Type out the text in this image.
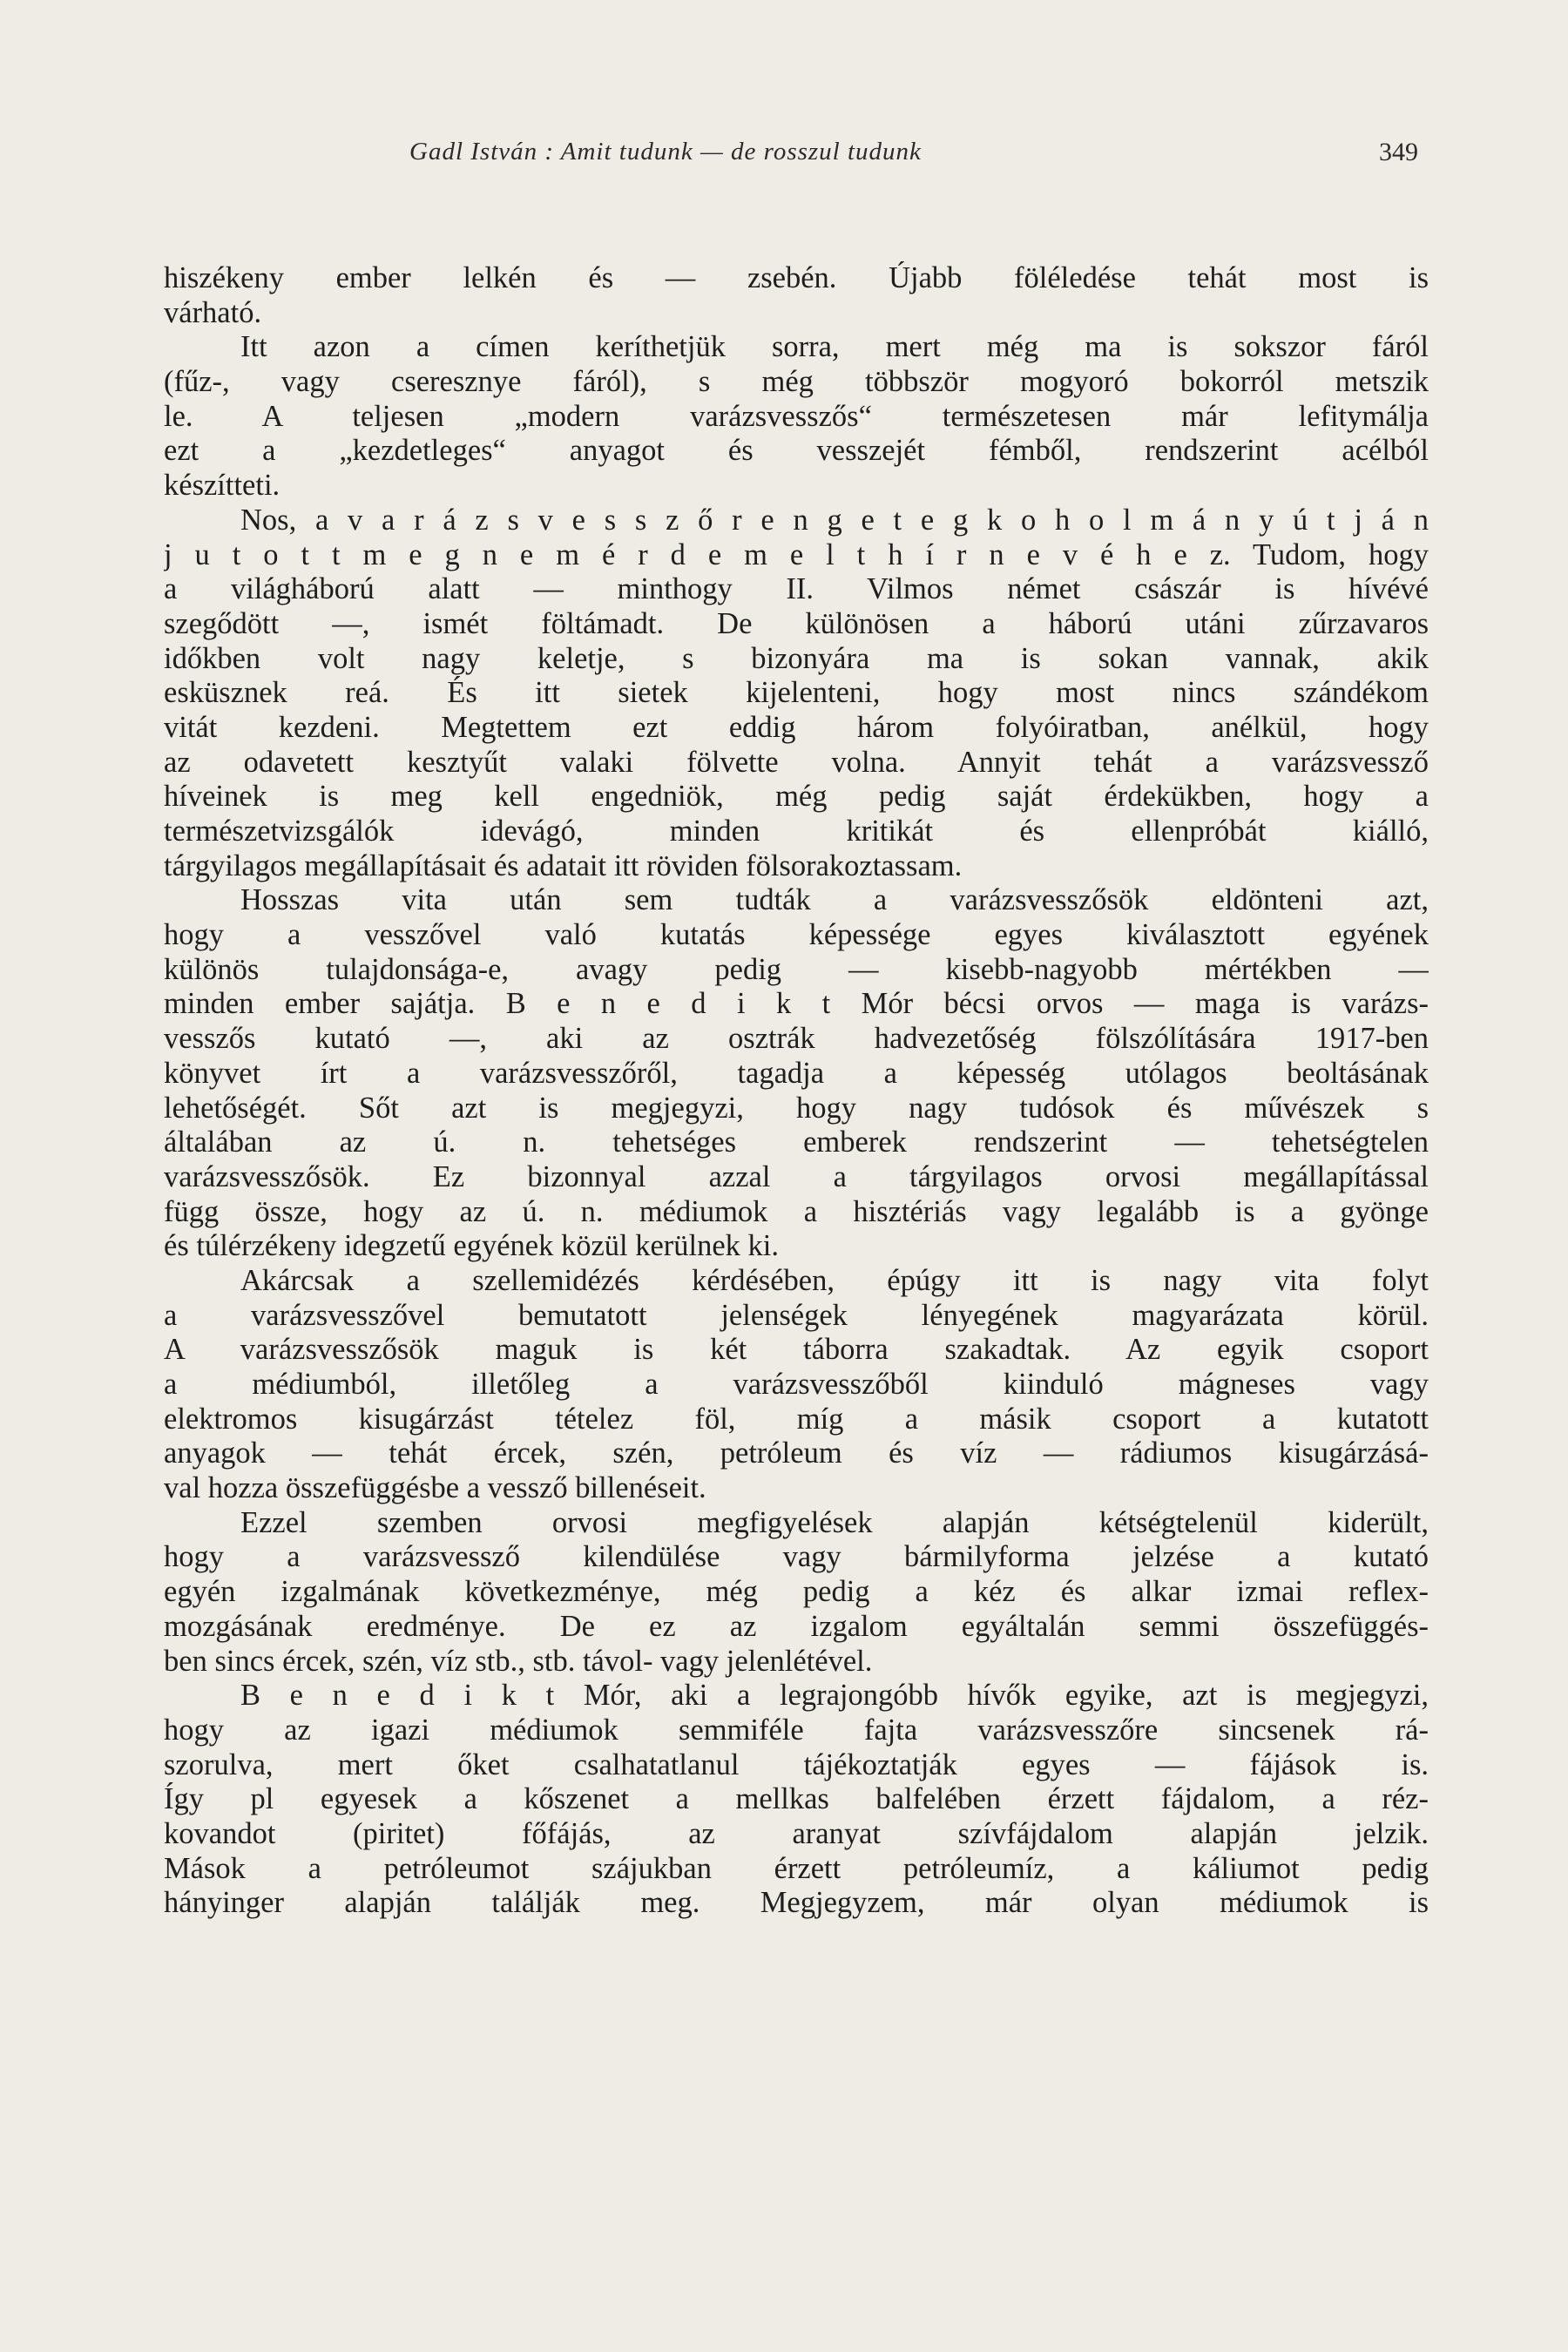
Gadl István : Amit tudunk — de rosszul tudunk	349
hiszékeny ember lelkén és — zsebén. Újabb föléledése tehát most is
várható.
Itt azon a címen keríthetjük sorra, mert még ma is sokszor fáról
(fűz-, vagy cseresznye fáról), s még többször mogyoró bokorról metszik
le. A teljesen „modern varázsvesszős“ természetesen már lefitymálja
ezt a „kezdetleges“ anyagot és vesszejét fémből, rendszerint acélból
készítteti.
Nos, a v a r á z s v e s s z ő r e n g e t e g k o h o l m á n y ú t j á n
j u t o t t m e g n e m é r d e m e l t h í r n e v é h e z. Tudom, hogy
a világháború alatt — minthogy II. Vilmos német császár is hívévé
szegődött —, ismét föltámadt. De különösen a háború utáni zűrzavaros
időkben volt nagy keletje, s bizonyára ma is sokan vannak, akik
esküsznek reá. És itt sietek kijelenteni, hogy most nincs szándékom
vitát kezdeni. Megtettem ezt eddig három folyóiratban, anélkül, hogy
az odavetett kesztyűt valaki fölvette volna. Annyit tehát a varázsvessző
híveinek is meg kell engedniök, még pedig saját érdekükben, hogy a
természetvizsgálók idevágó, minden kritikát és ellenpróbát kiálló,
tárgyilagos megállapításait és adatait itt röviden fölsorakoztassam.
Hosszas vita után sem tudták a varázsvesszősök eldönteni azt,
hogy a vesszővel való kutatás képessége egyes kiválasztott egyének
különös tulajdonsága-e, avagy pedig — kisebb-nagyobb mértékben —
minden ember sajátja. B e n e d i k t Mór bécsi orvos — maga is varázs-
vesszős kutató —, aki az osztrák hadvezetőség fölszólítására 1917-ben
könyvet írt a varázsvesszőről, tagadja a képesség utólagos beoltásának
lehetőségét. Sőt azt is megjegyzi, hogy nagy tudósok és művészek s
általában az ú. n. tehetséges emberek rendszerint — tehetségtelen
varázsvesszősök. Ez bizonnyal azzal a tárgyilagos orvosi megállapítással
függ össze, hogy az ú. n. médiumok a hisztériás vagy legalább is a gyönge
és túlérzékeny idegzetű egyének közül kerülnek ki.
Akárcsak a szellemidézés kérdésében, épúgy itt is nagy vita folyt
a varázsvesszővel bemutatott jelenségek lényegének magyarázata körül.
A varázsvesszősök maguk is két táborra szakadtak. Az egyik csoport
a médiumból, illetőleg a varázsvesszőből kiinduló mágneses vagy
elektromos kisugárzást tételez föl, míg a másik csoport a kutatott
anyagok — tehát ércek, szén, petróleum és víz — rádiumos kisugárzásá-
val hozza összefüggésbe a vessző billenéseit.
Ezzel szemben orvosi megfigyelések alapján kétségtelenül kiderült,
hogy a varázsvessző kilendülése vagy bármilyforma jelzése a kutató
egyén izgalmának következménye, még pedig a kéz és alkar izmai reflex-
mozgásának eredménye. De ez az izgalom egyáltalán semmi összefüggés-
ben sincs ércek, szén, víz stb., stb. távol- vagy jelenlétével.
B e n e d i k t Mór, aki a legrajongóbb hívők egyike, azt is megjegyzi,
hogy az igazi médiumok semmiféle fajta varázsvesszőre sincsenek rá-
szorulva, mert őket csalhatatlanul tájékoztatják egyes — fájások is.
Így pl egyesek a kőszenet a mellkas balfelében érzett fájdalom, a réz-
kovandot (piritet) főfájás, az aranyat szívfájdalom alapján jelzik.
Mások a petróleumot szájukban érzett petróleumíz, a káliumot pedig
hányinger alapján találják meg. Megjegyzem, már olyan médiumok is
